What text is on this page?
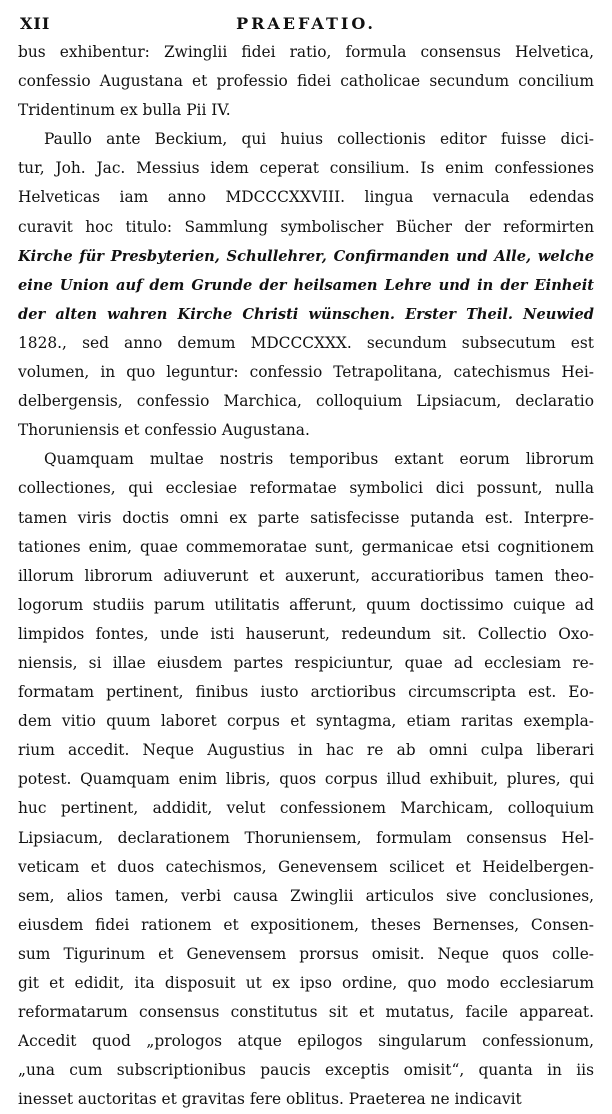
XII	PRAEFATIO.
bus exhibentur: Zwinglii fidei ratio, formula consensus Helvetica,
confessio Augustana et professio fidei catholicae secundum concilium
Tridentinum ex bulla Pii IV.
Paullo ante Beckium, qui huius collectionis editor fuisse dici-
tur, Joh. Jac. Messius idem ceperat consilium. Is enim confessiones
Helveticas iam anno MDCCCXXVIII. lingua vernacula edendas
curavit hoc titulo: Sammlung symbolischer Bücher der reformirten
Kirche für Presbyterien, Schullehrer, Confirmanden und Alle, welche
eine Union auf dem Grunde der heilsamen Lehre und in der Einheit
der alten wahren Kirche Christi wünschen. Erster Theil. Neuwied
1828., sed anno demum MDCCCXXX. secundum subsecutum est
volumen, in quo leguntur: confessio Tetrapolitana, catechismus Hei-
delbergensis, confessio Marchica, colloquium Lipsiacum, declaratio
Thoruniensis et confessio Augustana.
Quamquam multae nostris temporibus extant eorum librorum
collectiones, qui ecclesiae reformatae symbolici dici possunt, nulla
tamen viris doctis omni ex parte satisfecisse putanda est. Interpre-
tationes enim, quae commemoratae sunt, germanicae etsi cognitionem
illorum librorum adiuverunt et auxerunt, accuratioribus tamen theo-
logorum studiis parum utilitatis afferunt, quum doctissimo cuique ad
limpidos fontes, unde isti hauserunt, redeundum sit. Collectio Oxo-
niensis, si illae eiusdem partes respiciuntur, quae ad ecclesiam re-
formatam pertinent, finibus iusto arctioribus circumscripta est. Eo-
dem vitio quum laboret corpus et syntagma, etiam raritas exempla-
rium accedit. Neque Augustius in hac re ab omni culpa liberari
potest. Quamquam enim libris, quos corpus illud exhibuit, plures, qui
huc pertinent, addidit, velut confessionem Marchicam, colloquium
Lipsiacum, declarationem Thoruniensem, formulam consensus Hel-
veticam et duos catechismos, Genevensem scilicet et Heidelbergen-
sem, alios tamen, verbi causa Zwinglii articulos sive conclusiones,
eiusdem fidei rationem et expositionem, theses Bernenses, Consen-
sum Tigurinum et Genevensem prorsus omisit. Neque quos colle-
git et edidit, ita disposuit ut ex ipso ordine, quo modo ecclesiarum
reformatarum consensus constitutus sit et mutatus, facile appareat.
Accedit quod „prologos atque epilogos singularum confessionum,
„una cum subscriptionibus paucis exceptis omisit“, quanta in iis
inesset auctoritas et gravitas fere oblitus. Praeterea ne indicavit
